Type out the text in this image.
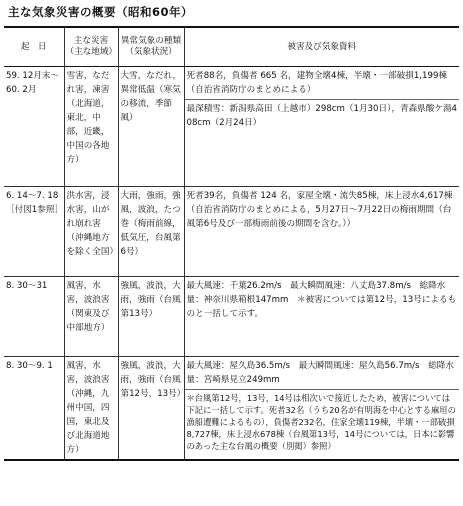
主な気象災害の概要（昭和60年）
起　日	主な災害（主な地域）	異常気象の種類（気象状況）	被害及び気象資料
59. 12月末～60. 2月	雪害，なだれ害，凍害（北海道，東北，中部，近畿，中国の各地方）	大雪，なだれ，異常低温（寒気の移流，季節風）	死者88名，負傷者 665 名，建物全壊4棟，半壊・一部破損1,199棟（自治省消防庁のまとめによる）
最深積雪：新潟県高田（上越市）298cm（1月30日），青森県酸ケ湯408cm（2月24日）

6. 14～7. 18［付図1参照］	洪水害，浸水害，山がれ崩れ害（沖縄地方を除く全国）	大雨，強雨，強風，波浪，たつ巻（梅雨前線，低気圧，台風第6号）	死者39名，負傷者 124 名，家屋全壊・流失85棟，床上浸水4,617棟（自治省消防庁のまとめによる，5月27日～7月22日の梅雨期間（台風第6号及び一部梅雨前後の期間を含む。））
8. 30～31	風害，水害，波浪害（関東及び中部地方）	強風，波浪，大雨，強雨（台風第13号）	最大風速：千葉26.2m/s　最大瞬間風速：八丈島37.8m/s　総降水量：神奈川県箱根147mm　＊被害については第12号，13号によるものと一括して示す。
8. 30～9. 1	風害，水害，波浪害（沖縄，九州中国，四国，東北及び北海道地方）	強風，波浪，大雨，強雨（台風第12号，13号）	最大風速：屋久島36.5m/s　最大瞬間風速：屋久島56.7m/s　総降水量：宮崎県見立249mm
＊台風第12号，13号，14号は相次いで接近したため，被害については下記に一括して示す。死者32名（うち20名が有明海を中心とする麻垣の漁船遭難によるもの），負傷者232名，住家全壊119棟，半壊・一部破損8,727棟，床上浸水678棟（台風第13号，14号については，日本に影響のあった主な台風の概要（別掲）参照）
